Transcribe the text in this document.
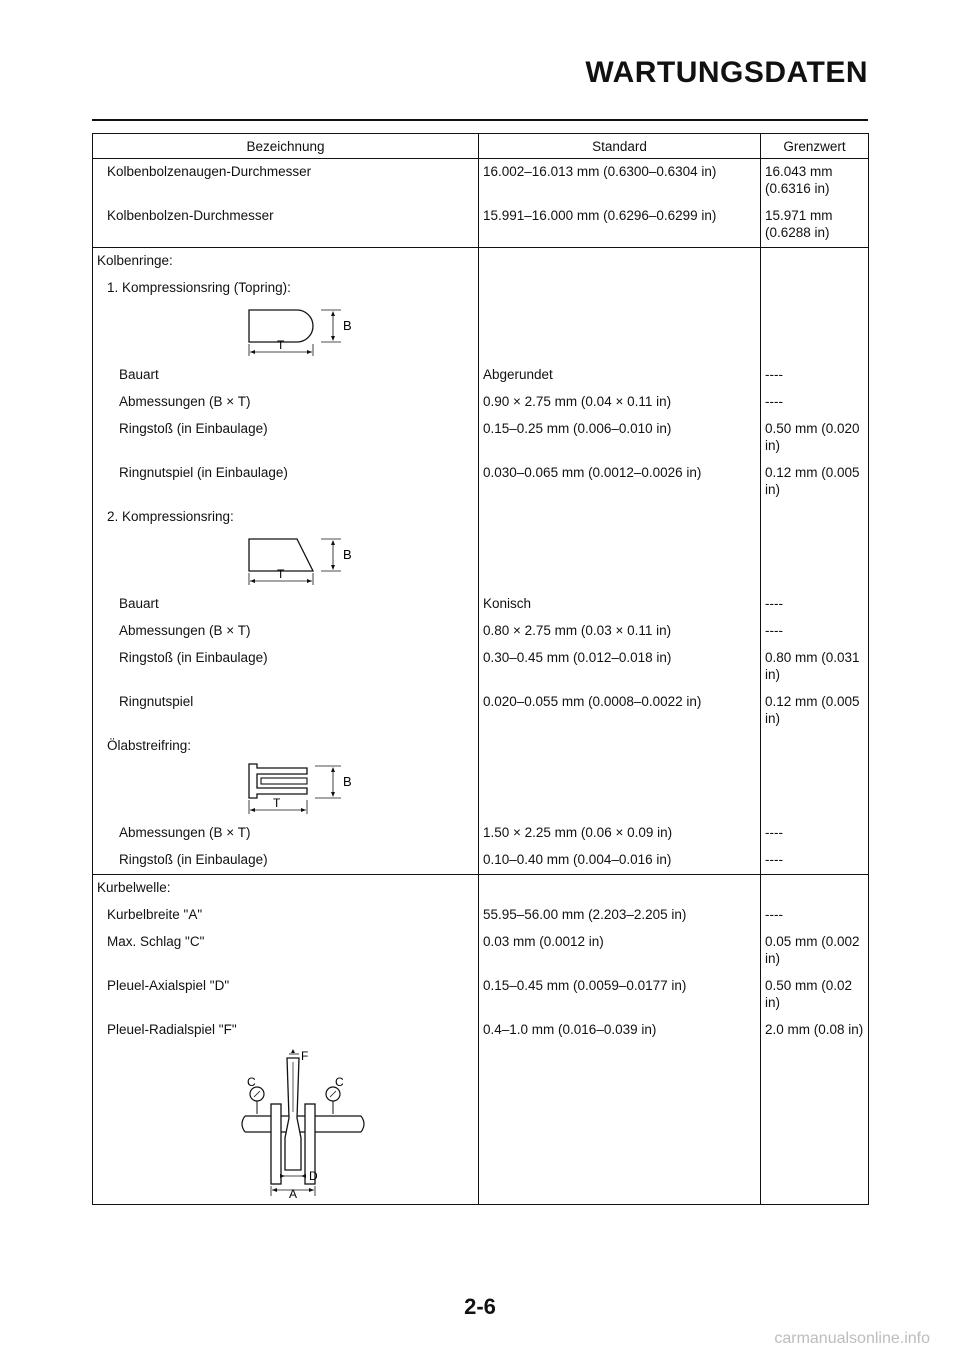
WARTUNGSDATEN
Bezeichnung	Standard	Grenzwert
Kolbenbolzenaugen-Durchmesser	16.002–16.013 mm (0.6300–0.6304 in)	16.043 mm (0.6316 in)
Kolbenbolzen-Durchmesser	15.991–16.000 mm (0.6296–0.6299 in)	15.971 mm (0.6288 in)
Kolbenringe:		
1. Kompressionsring (Topring):		

B
T		

Bauart	Abgerundet	----
Abmessungen (B × T)	0.90 × 2.75 mm (0.04 × 0.11 in)	----
Ringstoß (in Einbaulage)	0.15–0.25 mm (0.006–0.010 in)	0.50 mm (0.020 in)
Ringnutspiel (in Einbaulage)	0.030–0.065 mm (0.0012–0.0026 in)	0.12 mm (0.005 in)
2. Kompressionsring:		

B
T		

Bauart	Konisch	----
Abmessungen (B × T)	0.80 × 2.75 mm (0.03 × 0.11 in)	----
Ringstoß (in Einbaulage)	0.30–0.45 mm (0.012–0.018 in)	0.80 mm (0.031 in)
Ringnutspiel	0.020–0.055 mm (0.0008–0.0022 in)	0.12 mm (0.005 in)
Ölabstreifring:		

B
T		

Abmessungen (B × T)	1.50 × 2.25 mm (0.06 × 0.09 in)	----
Ringstoß (in Einbaulage)	0.10–0.40 mm (0.004–0.016 in)	----
Kurbelwelle:		
Kurbelbreite "A"	55.95–56.00 mm (2.203–2.205 in)	----
Max. Schlag "C"	0.03 mm (0.0012 in)	0.05 mm (0.002 in)
Pleuel-Axialspiel "D"	0.15–0.45 mm (0.0059–0.0177 in)	0.50 mm (0.02 in)
Pleuel-Radialspiel "F"	0.4–1.0 mm (0.016–0.039 in)	2.0 mm (0.08 in)

F
C C
D
A		

2-6
carmanualsonline.info
